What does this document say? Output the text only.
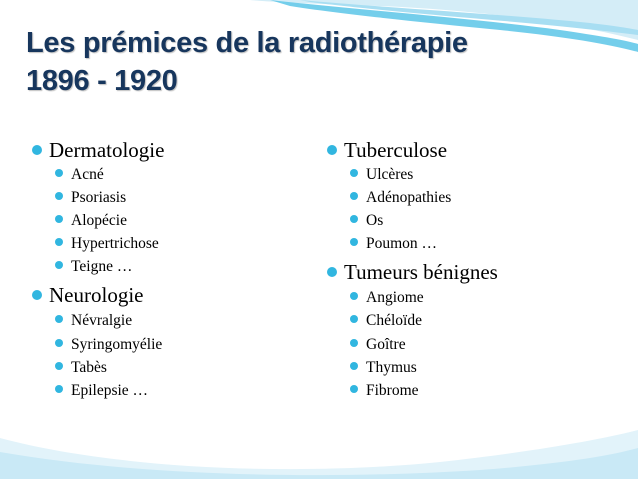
Les prémices de la radiothérapie
1896 - 1920
Dermatologie
Acné
Psoriasis
Alopécie
Hypertrichose
Teigne …
Neurologie
Névralgie
Syringomyélie
Tabès
Epilepsie …
Tuberculose
Ulcères
Adénopathies
Os
Poumon …
Tumeurs bénignes
Angiome
Chéloïde
Goître
Thymus
Fibrome
